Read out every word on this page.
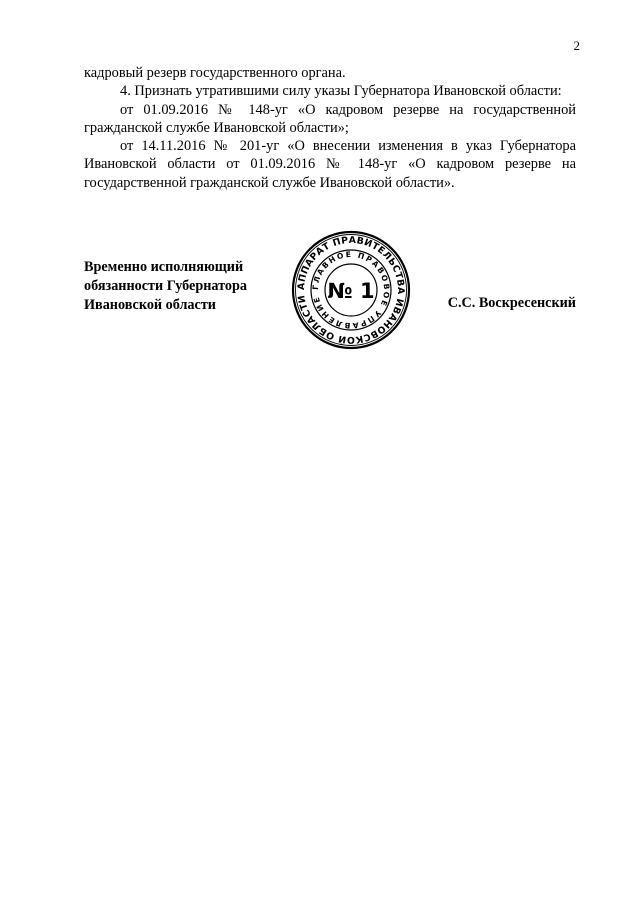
2

кадровый резерв государственного органа.

4. Признать утратившими силу указы Губернатора Ивановской области:

от 01.09.2016 № 148-уг «О кадровом резерве на государственной гражданской службе Ивановской области»;

от 14.11.2016 № 201-уг «О внесении изменения в указ Губернатора Ивановской области от 01.09.2016 № 148-уг «О кадровом резерве на государственной гражданской службе Ивановской области».

Временно исполняющий
обязанности Губернатора
Ивановской области
АППАРАТ ПРАВИТЕЛЬСТВА ИВАНОВСКОЙ ОБЛАСТИ
ГЛАВНОЕ ПРАВОВОЕ УПРАВЛЕНИЕ № 1	С.С. Воскресенский
